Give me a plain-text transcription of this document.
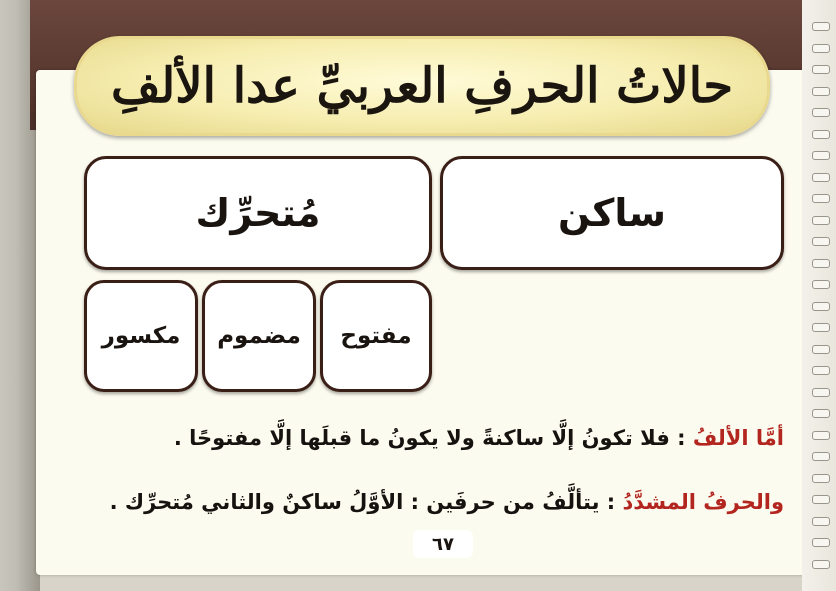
حالاتُ الحرفِ العربيِّ عدا الألفِ
ساكن
مُتحرِّك
مفتوح
مضموم
مكسور
أمَّا الألفُ : فلا تكونُ إلَّا ساكنةً ولا يكونُ ما قبلَها إلَّا مفتوحًا .
والحرفُ المشدَّدُ : يتألَّفُ من حرفَين : الأوَّلُ ساكنٌ والثاني مُتحرِّك .
٦٧
